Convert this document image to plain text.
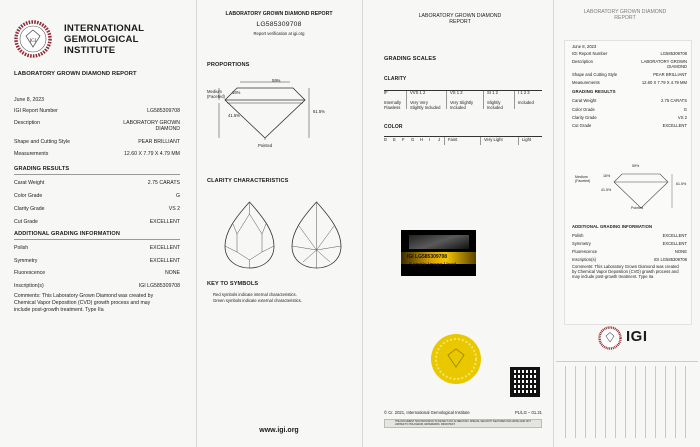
IGI
INTERNATIONAL
GEMOLOGICAL
INSTITUTE
LABORATORY GROWN DIAMOND REPORT
June 8, 2023
IGI Report Number	LG585309708
Description	LABORATORY GROWN
DIAMOND
Shape and Cutting Style	PEAR BRILLIANT
Measurements	12.60 X 7.79 X 4.79 MM
GRADING RESULTS
Carat Weight	2.75 CARATS
Color Grade	G
Clarity Grade	VS 2
Cut Grade	EXCELLENT
ADDITIONAL GRADING INFORMATION
Polish	EXCELLENT
Symmetry	EXCELLENT
Fluorescence	NONE
Inscription(s)	IGI LG585309708
Comments: This Laboratory Grown Diamond was created by Chemical Vapor Deposition (CVD) growth process and may include post-growth treatment. Type IIa
LABORATORY GROWN DIAMOND REPORT
LG585309708
Report verification at igi.org
PROPORTIONS
59%
Medium (Faceted)
16%
41.5%
61.5%
Pointed
CLARITY CHARACTERISTICS
KEY TO SYMBOLS
Red symbols indicate internal characteristics.
Green symbols indicate external characteristics.
www.igi.org
LABORATORY GROWN DIAMOND REPORT
GRADING SCALES
CLARITY
IF	VVS 1 2	VS 1 2	SI 1 2	I 1 2 3
Internally Flawless
Very Very Slightly Included
Very Slightly Included
Slightly Included
Included
COLOR
D E F G H I J Faint	Very Light	Light
IGI LG585309708
Sample Image Used
© Cr. 2021, International Gemological Institute	PL/LG – 01.21
THE DOCUMENT HAS PROVISION TO DETECT ANY ALTERATION. SPECIAL SECURITY FEATURES INCLUDING AND NOT LIMITED TO HOLOGRAM, WATERMARK, MICROTEXT.
LABORATORY GROWN DIAMOND REPORT
June 8, 2023
IGI Report Number	LG585309708
Description	LABORATORY GROWN
DIAMOND
Shape and Cutting Style	PEAR BRILLIANT
Measurements	12.60 X 7.79 X 4.79 MM
GRADING RESULTS
Carat Weight	2.75 CARATS
Color Grade	G
Clarity Grade	VS 2
Cut Grade	EXCELLENT
59%
Medium (Faceted)
16%
41.5%
61.5%
Pointed
ADDITIONAL GRADING INFORMATION
Polish	EXCELLENT
Symmetry	EXCELLENT
Fluorescence	NONE
Inscription(s)	IGI LG585309708
Comments: This Laboratory Grown Diamond was created by Chemical Vapor Deposition (CVD) growth process and may include post-growth treatment. Type IIa
IGI
